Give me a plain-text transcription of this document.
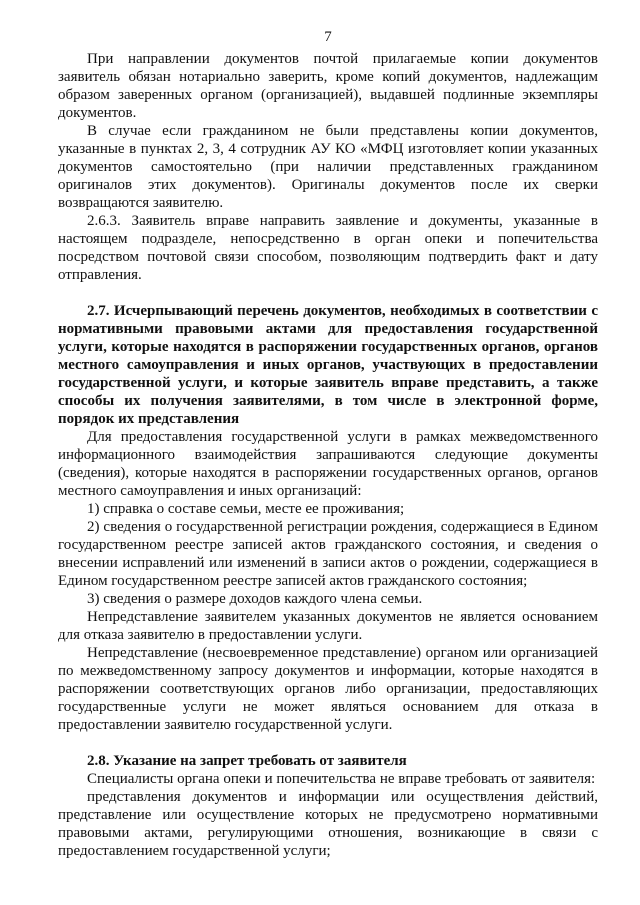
7

При направлении документов почтой прилагаемые копии документов заявитель обязан нотариально заверить, кроме копий документов, надлежащим образом заверенных органом (организацией), выдавшей подлинные экземпляры документов.

В случае если гражданином не были представлены копии документов, указанные в пунктах 2, 3, 4 сотрудник АУ КО «МФЦ изготовляет копии указанных документов самостоятельно (при наличии представленных гражданином оригиналов этих документов). Оригиналы документов после их сверки возвращаются заявителю.

2.6.3. Заявитель вправе направить заявление и документы, указанные в настоящем подразделе, непосредственно в орган опеки и попечительства посредством почтовой связи способом, позволяющим подтвердить факт и дату отправления.

2.7. Исчерпывающий перечень документов, необходимых в соответствии с нормативными правовыми актами для предоставления государственной услуги, которые находятся в распоряжении государственных органов, органов местного самоуправления и иных органов, участвующих в предоставлении государственной услуги, и которые заявитель вправе представить, а также способы их получения заявителями, в том числе в электронной форме, порядок их представления

Для предоставления государственной услуги в рамках межведомственного информационного взаимодействия запрашиваются следующие документы (сведения), которые находятся в распоряжении государственных органов, органов местного самоуправления и иных организаций:

1) справка о составе семьи, месте ее проживания;

2) сведения о государственной регистрации рождения, содержащиеся в Едином государственном реестре записей актов гражданского состояния, и сведения о внесении исправлений или изменений в записи актов о рождении, содержащиеся в Едином государственном реестре записей актов гражданского состояния;

3) сведения о размере доходов каждого члена семьи.

Непредставление заявителем указанных документов не является основанием для отказа заявителю в предоставлении услуги.

Непредставление (несвоевременное представление) органом или организацией по межведомственному запросу документов и информации, которые находятся в распоряжении соответствующих органов либо организации, предоставляющих государственные услуги не может являться основанием для отказа в предоставлении заявителю государственной услуги.

2.8. Указание на запрет требовать от заявителя

Специалисты органа опеки и попечительства не вправе требовать от заявителя:

представления документов и информации или осуществления действий, представление или осуществление которых не предусмотрено нормативными правовыми актами, регулирующими отношения, возникающие в связи с предоставлением государственной услуги;
